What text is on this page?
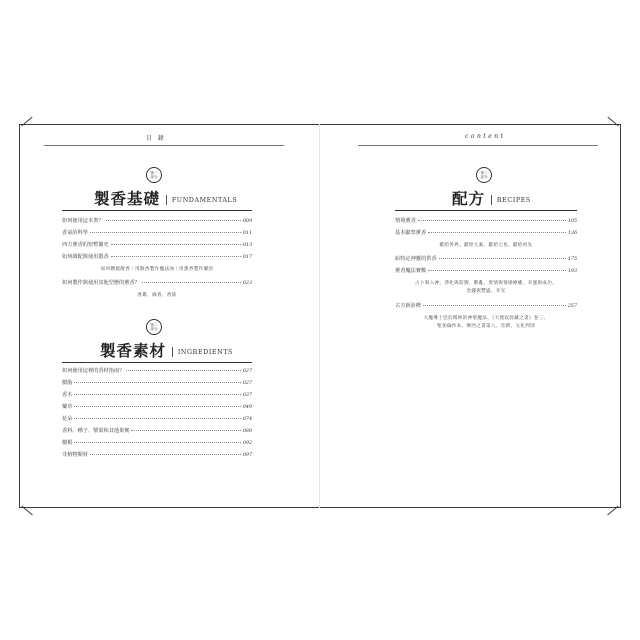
目 錄	content
第一
部分
製香基礎 FUNDAMENTALS
如何使用這本書？	009
香氣的科學	011
西方薰香的短暫簡史	013
如何調配與使用散香	017
如何燃燒散香｜用散香製作魔法油｜用薰香製作藥浴
如何製作與使用其他型態的薰香？	023
香錐、線香、香箭
第二
部分
製香素材 INGREDIENTS
如何使用這裡的香材指南？	027
樹脂	027
香木	037
藥草	049
花朵	074
香料、種子、漿果和其他果實	080
樹根	092
非植物類材	097
第三
部分
配方 RECIPES
情境薰香	105
基本獻祭薰香	136
獻給各界、獻給元素、獻給七星、獻給祖先
給特定神靈的供香	175
薰香魔法實戰	193
占卜與入神、淨化與防禦、動亂、愛情與情感療癒、幸運與成功、
金錢與豐盛、幸光
古方新詮釋	257
大魔導士亞伯瑪林的神聖魔法、《天使奴役藏之書》卷三、
聖加倫抄本、摩西之書第八、奇蹟、文化判別
